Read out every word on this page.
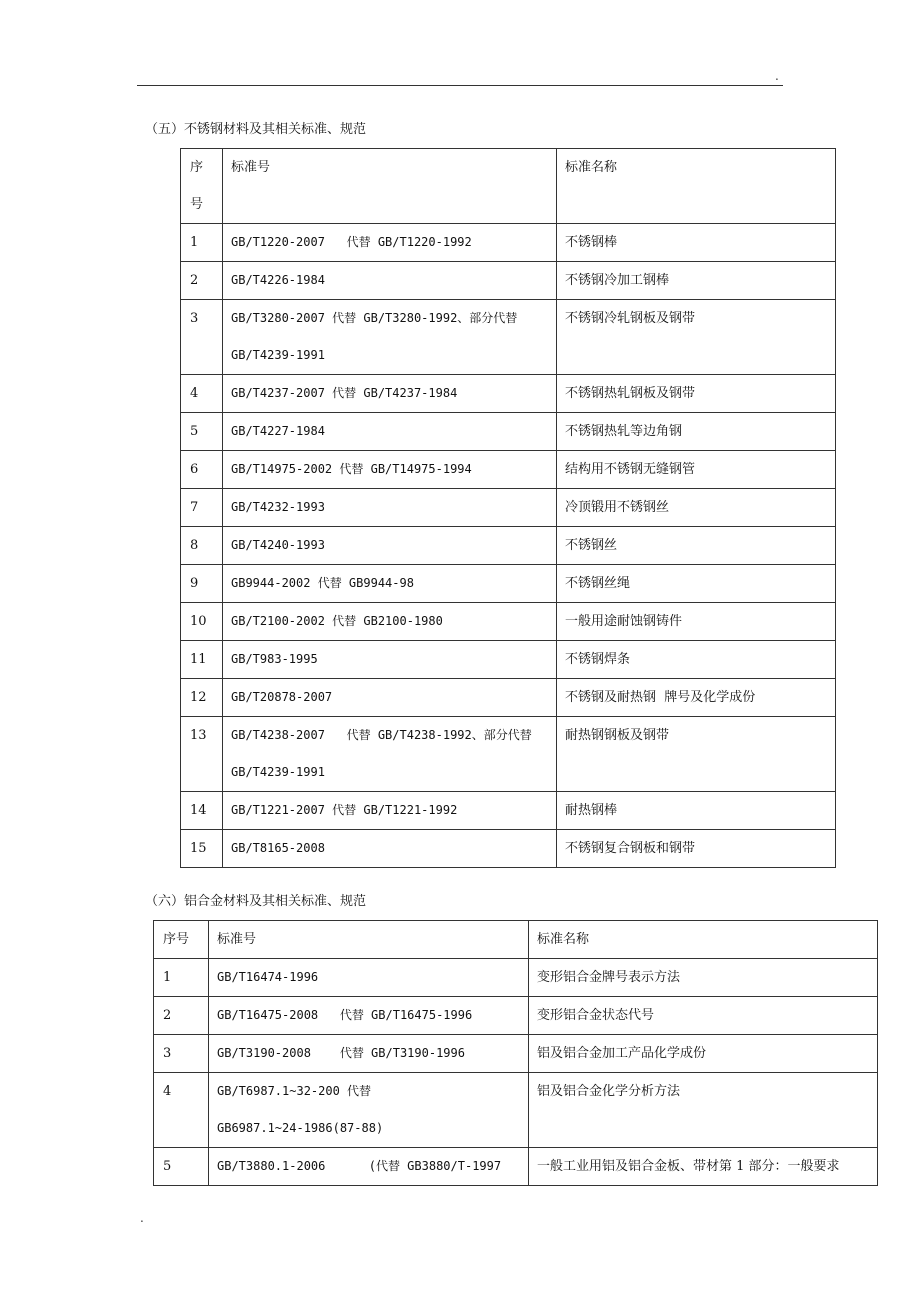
.
（五）不锈钢材料及其相关标准、规范
序
号	标准号	标准名称

1	GB/T1220-2007   代替 GB/T1220-1992	不锈钢棒

2	GB/T4226-1984	不锈钢冷加工钢棒

3	GB/T3280-2007 代替 GB/T3280-1992、部分代替
GB/T4239-1991	不锈钢冷轧钢板及钢带

4	GB/T4237-2007 代替 GB/T4237-1984	不锈钢热轧钢板及钢带

5	GB/T4227-1984	不锈钢热轧等边角钢

6	GB/T14975-2002 代替 GB/T14975-1994	结构用不锈钢无缝钢管

7	GB/T4232-1993	冷顶锻用不锈钢丝

8	GB/T4240-1993	不锈钢丝

9	GB9944-2002 代替 GB9944-98	不锈钢丝绳

10	GB/T2100-2002 代替 GB2100-1980	一般用途耐蚀钢铸件

11	GB/T983-1995	不锈钢焊条

12	GB/T20878-2007	不锈钢及耐热钢  牌号及化学成份

13	GB/T4238-2007   代替 GB/T4238-1992、部分代替
GB/T4239-1991	耐热钢钢板及钢带

14	GB/T1221-2007 代替 GB/T1221-1992	耐热钢棒

15	GB/T8165-2008	不锈钢复合钢板和钢带
（六）铝合金材料及其相关标准、规范
序号	标准号	标准名称

1	GB/T16474-1996	变形铝合金牌号表示方法

2	GB/T16475-2008   代替 GB/T16475-1996	变形铝合金状态代号

3	GB/T3190-2008    代替 GB/T3190-1996	铝及铝合金加工产品化学成份

4	GB/T6987.1~32-200 代替
GB6987.1~24-1986(87-88)	铝及铝合金化学分析方法

5	GB/T3880.1-2006      (代替 GB3880/T-1997	一般工业用铝及铝合金板、带材第 1 部分：一般要求
.
